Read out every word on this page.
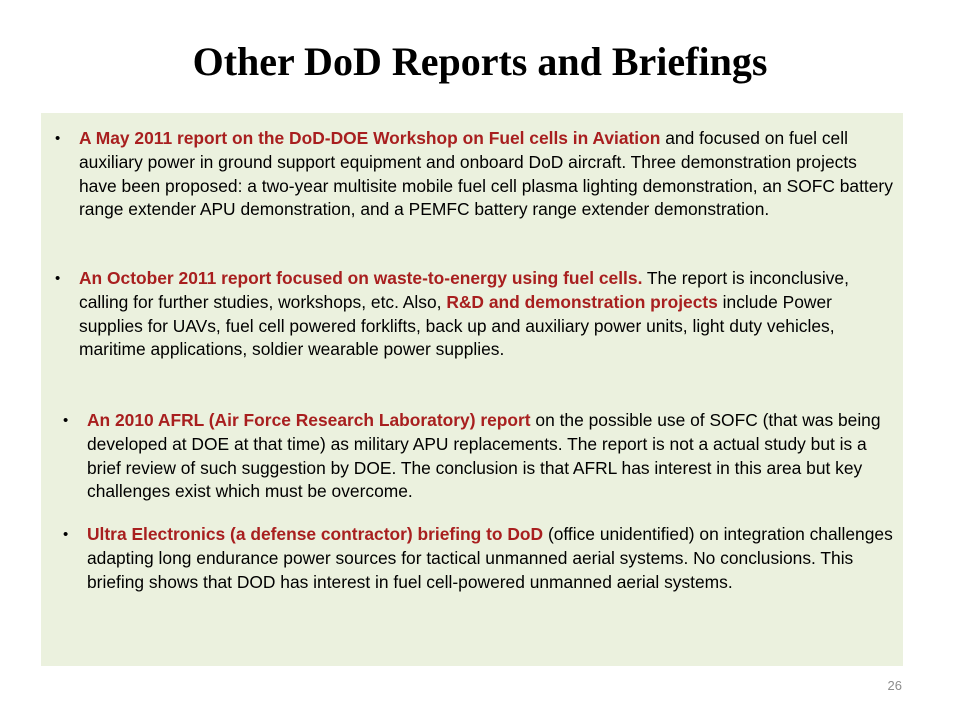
Other DoD Reports and Briefings
• A May 2011 report on the DoD-DOE Workshop on Fuel cells in Aviation and focused on fuel cell auxiliary power in ground support equipment and onboard DoD aircraft. Three demonstration projects have been proposed: a two-year multisite mobile fuel cell plasma lighting demonstration, an SOFC battery range extender APU demonstration, and a PEMFC battery range extender demonstration.
• An October 2011 report focused on waste-to-energy using fuel cells. The report is inconclusive, calling for further studies, workshops, etc. Also, R&D and demonstration projects include Power supplies for UAVs, fuel cell powered forklifts, back up and auxiliary power units, light duty vehicles, maritime applications, soldier wearable power supplies.
• An 2010 AFRL (Air Force Research Laboratory) report on the possible use of SOFC (that was being developed at DOE at that time) as military APU replacements. The report is not a actual study but is a brief review of such suggestion by DOE. The conclusion is that AFRL has interest in this area but key challenges exist which must be overcome.
• Ultra Electronics (a defense contractor) briefing to DoD (office unidentified) on integration challenges adapting long endurance power sources for tactical unmanned aerial systems. No conclusions. This briefing shows that DOD has interest in fuel cell-powered unmanned aerial systems.
26
